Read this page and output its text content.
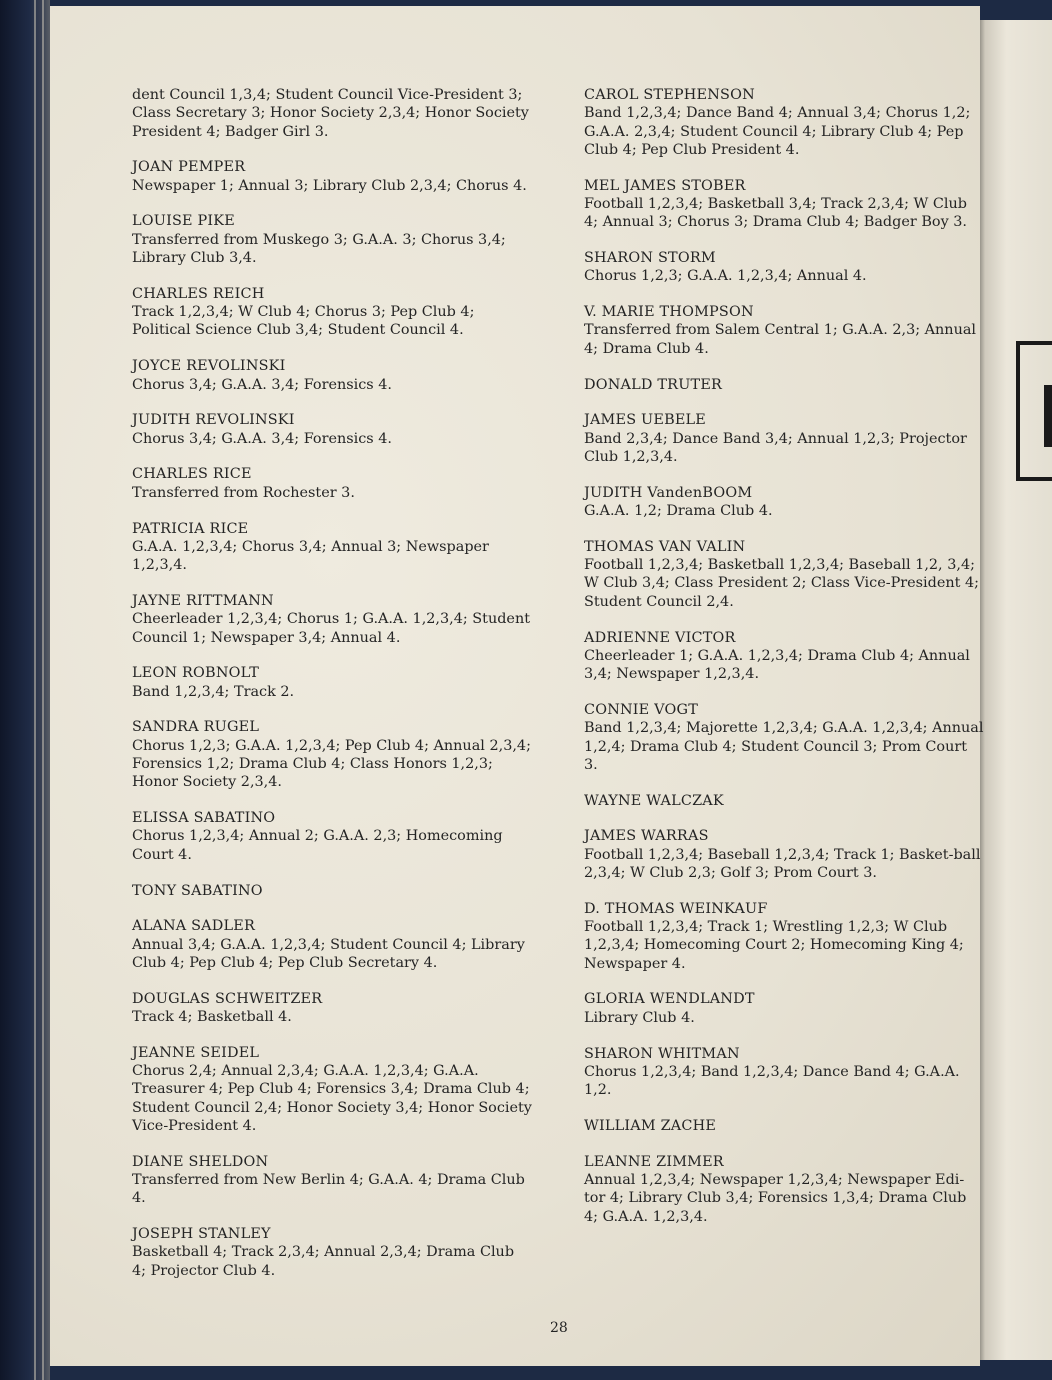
dent Council 1,3,4; Student Council Vice-President 3; Class Secretary 3; Honor Society 2,3,4; Honor Society President 4; Badger Girl 3.
JOAN PEMPER
Newspaper 1; Annual 3; Library Club 2,3,4; Chorus 4.
LOUISE PIKE
Transferred from Muskego 3; G.A.A. 3; Chorus 3,4; Library Club 3,4.
CHARLES REICH
Track 1,2,3,4; W Club 4; Chorus 3; Pep Club 4; Political Science Club 3,4; Student Council 4.
JOYCE REVOLINSKI
Chorus 3,4; G.A.A. 3,4; Forensics 4.
JUDITH REVOLINSKI
Chorus 3,4; G.A.A. 3,4; Forensics 4.
CHARLES RICE
Transferred from Rochester 3.
PATRICIA RICE
G.A.A. 1,2,3,4; Chorus 3,4; Annual 3; Newspaper 1,2,3,4.
JAYNE RITTMANN
Cheerleader 1,2,3,4; Chorus 1; G.A.A. 1,2,3,4; Student Council 1; Newspaper 3,4; Annual 4.
LEON ROBNOLT
Band 1,2,3,4; Track 2.
SANDRA RUGEL
Chorus 1,2,3; G.A.A. 1,2,3,4; Pep Club 4; Annual 2,3,4; Forensics 1,2; Drama Club 4; Class Honors 1,2,3; Honor Society 2,3,4.
ELISSA SABATINO
Chorus 1,2,3,4; Annual 2; G.A.A. 2,3; Homecoming Court 4.
TONY SABATINO
ALANA SADLER
Annual 3,4; G.A.A. 1,2,3,4; Student Council 4; Library Club 4; Pep Club 4; Pep Club Secretary 4.
DOUGLAS SCHWEITZER
Track 4; Basketball 4.
JEANNE SEIDEL
Chorus 2,4; Annual 2,3,4; G.A.A. 1,2,3,4; G.A.A. Treasurer 4; Pep Club 4; Forensics 3,4; Drama Club 4; Student Council 2,4; Honor Society 3,4; Honor Society Vice-President 4.
DIANE SHELDON
Transferred from New Berlin 4; G.A.A. 4; Drama Club 4.
JOSEPH STANLEY
Basketball 4; Track 2,3,4; Annual 2,3,4; Drama Club 4; Projector Club 4.
CAROL STEPHENSON
Band 1,2,3,4; Dance Band 4; Annual 3,4; Chorus 1,2; G.A.A. 2,3,4; Student Council 4; Library Club 4; Pep Club 4; Pep Club President 4.
MEL JAMES STOBER
Football 1,2,3,4; Basketball 3,4; Track 2,3,4; W Club 4; Annual 3; Chorus 3; Drama Club 4; Badger Boy 3.
SHARON STORM
Chorus 1,2,3; G.A.A. 1,2,3,4; Annual 4.
V. MARIE THOMPSON
Transferred from Salem Central 1; G.A.A. 2,3; Annual 4; Drama Club 4.
DONALD TRUTER
JAMES UEBELE
Band 2,3,4; Dance Band 3,4; Annual 1,2,3; Projector Club 1,2,3,4.
JUDITH VandenBOOM
G.A.A. 1,2; Drama Club 4.
THOMAS VAN VALIN
Football 1,2,3,4; Basketball 1,2,3,4; Baseball 1,2, 3,4; W Club 3,4; Class President 2; Class Vice-President 4; Student Council 2,4.
ADRIENNE VICTOR
Cheerleader 1; G.A.A. 1,2,3,4; Drama Club 4; Annual 3,4; Newspaper 1,2,3,4.
CONNIE VOGT
Band 1,2,3,4; Majorette 1,2,3,4; G.A.A. 1,2,3,4; Annual 1,2,4; Drama Club 4; Student Council 3; Prom Court 3.
WAYNE WALCZAK
JAMES WARRAS
Football 1,2,3,4; Baseball 1,2,3,4; Track 1; Basket-ball 2,3,4; W Club 2,3; Golf 3; Prom Court 3.
D. THOMAS WEINKAUF
Football 1,2,3,4; Track 1; Wrestling 1,2,3; W Club 1,2,3,4; Homecoming Court 2; Homecoming King 4; Newspaper 4.
GLORIA WENDLANDT
Library Club 4.
SHARON WHITMAN
Chorus 1,2,3,4; Band 1,2,3,4; Dance Band 4; G.A.A. 1,2.
WILLIAM ZACHE
LEANNE ZIMMER
Annual 1,2,3,4; Newspaper 1,2,3,4; Newspaper Edi-tor 4; Library Club 3,4; Forensics 1,3,4; Drama Club 4; G.A.A. 1,2,3,4.
28
